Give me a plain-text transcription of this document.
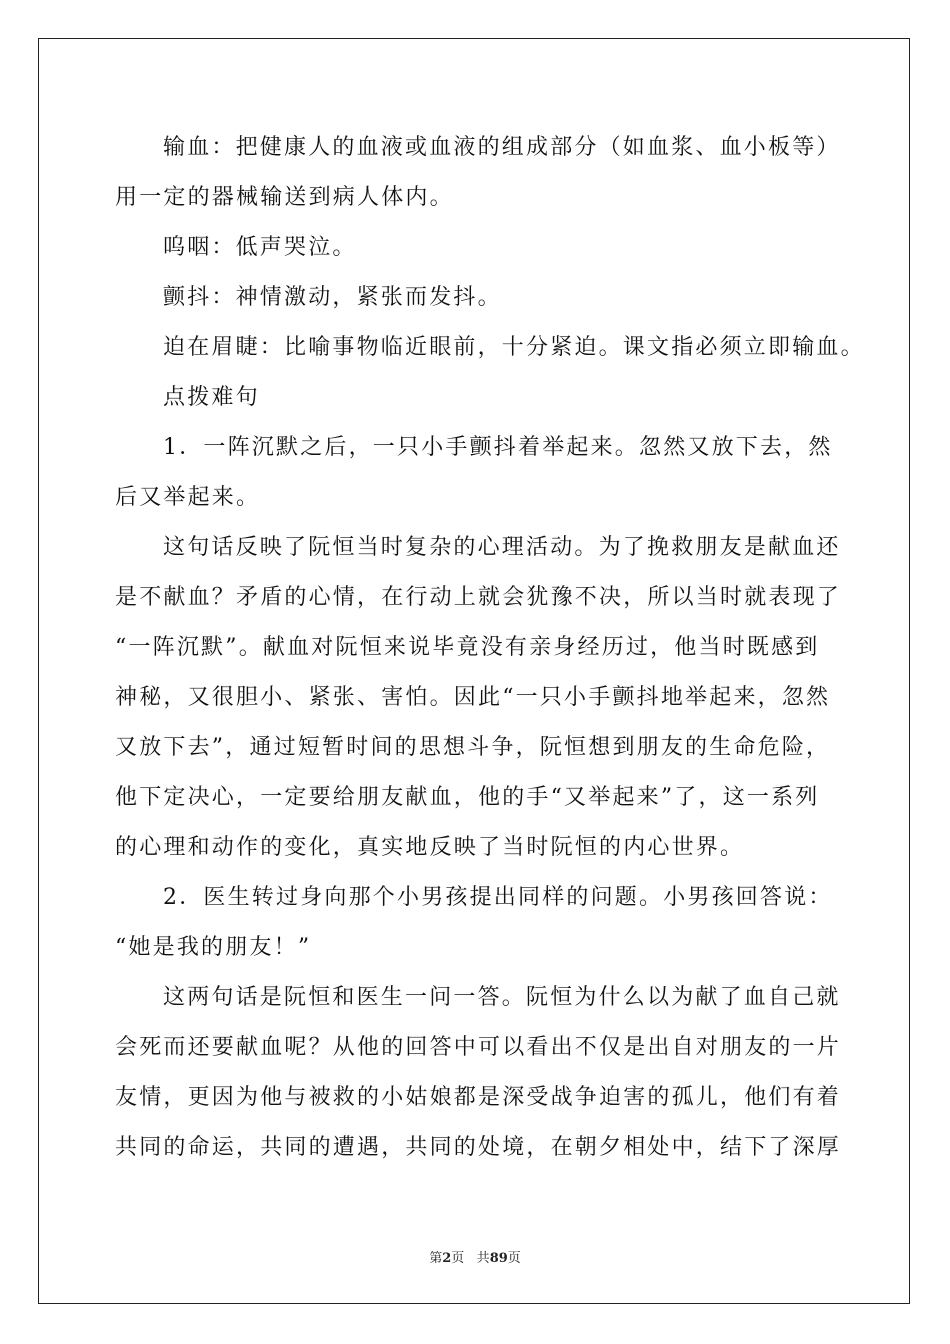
输血：把健康人的血液或血液的组成部分（如血浆、血小板等）
用一定的器械输送到病人体内。
呜咽：低声哭泣。
颤抖：神情激动，紧张而发抖。
迫在眉睫：比喻事物临近眼前，十分紧迫。课文指必须立即输血。
点拨难句
1．一阵沉默之后，一只小手颤抖着举起来。忽然又放下去，然
后又举起来。
这句话反映了阮恒当时复杂的心理活动。为了挽救朋友是献血还
是不献血？矛盾的心情，在行动上就会犹豫不决，所以当时就表现了
“一阵沉默”。献血对阮恒来说毕竟没有亲身经历过，他当时既感到
神秘，又很胆小、紧张、害怕。因此“一只小手颤抖地举起来，忽然
又放下去”，通过短暂时间的思想斗争，阮恒想到朋友的生命危险，
他下定决心，一定要给朋友献血，他的手“又举起来”了，这一系列
的心理和动作的变化，真实地反映了当时阮恒的内心世界。
2．医生转过身向那个小男孩提出同样的问题。小男孩回答说：
“她是我的朋友！”
这两句话是阮恒和医生一问一答。阮恒为什么以为献了血自己就
会死而还要献血呢？从他的回答中可以看出不仅是出自对朋友的一片
友情，更因为他与被救的小姑娘都是深受战争迫害的孤儿，他们有着
共同的命运，共同的遭遇，共同的处境，在朝夕相处中，结下了深厚
第2页 共89页
